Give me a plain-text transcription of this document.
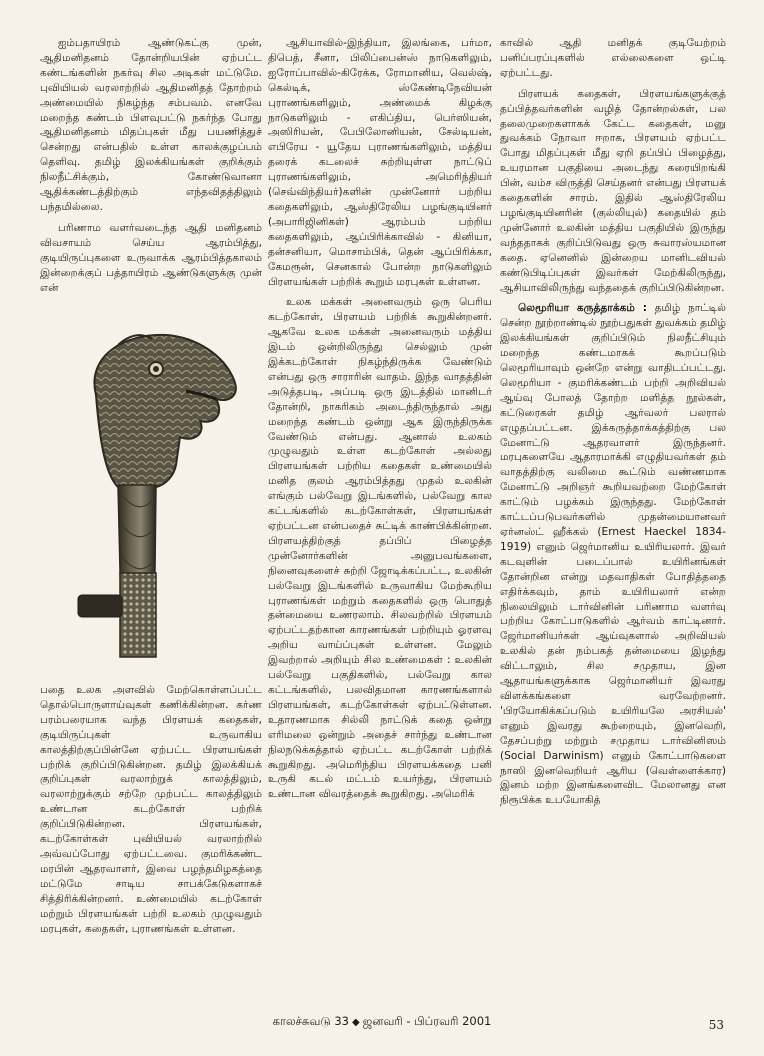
ஐம்பதாயிரம் ஆண்டுகட்கு முன், ஆதிமனிதனம் தோன்றியபின் ஏற்பட்ட கண்டங்களின் நகர்வு சில அடிகள் மட்டுமே. புவியியல் வரலாற்றில் ஆதிமனிதத் தோற்றம் அண்மையில் நிகழ்ந்த சம்பவம். எனவே மறைந்த கண்டம் பிளவுபட்டு நகர்ந்த போது ஆதிமனிதனம் மிதப்புகள் மீது பயணித்துச் சென்றது என்பதில் உள்ள காலக்குழப்பம் தெளிவு. தமிழ் இலக்கியங்கள் குறிக்கும் நிலநீட்சிக்கும், கோண்டுவானா ஆதிக்கண்டத்திற்கும் எந்தவிதத்திலும் பந்தமில்லை.

பரிணாம வளர்வடைந்த ஆதி மனிதனம் விவசாயம் செய்ய ஆரம்பித்து, குடியிருப்புகளை உருவாக்க ஆரம்பித்தகாலம் இன்றைக்குப் பத்தாயிரம் ஆண்டுகளுக்கு முன் என்

பதை உலக அளவில் மேற்கொள்ளப்பட்ட தொல்பொருளாய்வுகள் கணிக்கின்றன. கர்ண பரம்பரையாக வந்த பிரளயக் கதைகள், குடியிருப்புகள் உருவாகிய காலத்திற்குப்பின்னே ஏற்பட்ட பிரளயங்கள் பற்றிக் குறிப்பிடுகின்றன. தமிழ் இலக்கியக் குறிப்புகள் வரலாற்றுக் காலத்திலும், வரலாற்றுக்கும் சற்றே முற்பட்ட காலத்திலும் உண்டான கடற்கோள் பற்றிக் குறிப்பிடுகின்றன. பிரளயங்கள், கடற்கோள்கள் புவியியல் வரலாற்றில் அவ்வப்போது ஏற்பட்டவை. குமரிக்கண்ட மரபின் ஆதரவாளர், இவை பழந்தமிழகத்தை மட்டுமே சாடிய சாபக்கேடுகளாகச் சித்திரிக்கின்றனர். உண்மையில் கடற்கோள் மற்றும் பிரளயங்கள் பற்றி உலகம் முழுவதும் மரபுகள், கதைகள், புராணங்கள் உள்ளன.

ஆசியாவில்-இந்தியா, இலங்கை, பர்மா, திபெத், சீனா, பிலிப்பைன்ஸ் நாடுகளிலும், ஐரோப்பாவில்-கிரேக்க, ரோமானிய, வெல்ஷ், கெல்டிக், ஸ்கேண்டிநேவியன் புராணங்களிலும், அண்மைக் கிழக்கு நாடுகளிலும் - எகிப்திய, பெர்ஸியன், அஸிரியன், பேபிலோனியன், சேல்டியன், எபிரேய - யூதேய புராணங்களிலும், மத்திய தரைக் கடலைச் சுற்றியுள்ள நாட்டுப் புராணங்களிலும், அமெரிந்தியர் (செவ்விந்தியர்)களின் முன்னோர் பற்றிய கதைகளிலும், ஆஸ்திரேலிய பழங்குடியினர் (அபாரிஜினிகள்) ஆரம்பம் பற்றிய கதைகளிலும், ஆப்பிரிக்காவில் - கினியா, தன்சனியா, மொசாம்பிக், தென் ஆப்பிரிக்கா, கேமரூன், செனகால் போன்ற நாடுகளிலும் பிரளயங்கள் பற்றிக் கூறும் மரபுகள் உள்ளன.

உலக மக்கள் அனைவரும் ஒரு பெரிய கடற்கோள், பிரளயம் பற்றிக் கூறுகின்றனர். ஆகவே உலக மக்கள் அனைவரும் மத்திய இடம் ஒன்றிலிருந்து செல்லும் முன் இக்கடற்கோள் நிகழ்ந்திருக்க வேண்டும் என்பது ஒரு சாராரின் வாதம். இந்த வாதத்தின் அடுத்தபடி, அப்படி ஒரு இடத்தில் மானிடர் தோன்றி, நாகரிகம் அடைந்திருந்தால் அது மறைந்த கண்டம் ஒன்று ஆக இருந்திருக்க வேண்டும் என்பது. ஆனால் உலகம் முழுவதும் உள்ள கடற்கோள் அல்லது பிரளயங்கள் பற்றிய கதைகள் உண்மையில் மனித குலம் ஆரம்பித்தது முதல் உலகின் எங்கும் பல்வேறு இடங்களில், பல்வேறு கால கட்டங்களில் கடற்கோள்கள், பிரளயங்கள் ஏற்பட்டன என்பதைச் சுட்டிக் காண்பிக்கின்றன. பிரளயத்திற்குத் தப்பிப் பிழைத்த முன்னோர்களின் அனுபவங்களை, நினைவுகளைச் சுற்றி ஜோடிக்கப்பட்ட, உலகின் பல்வேறு இடங்களில் உருவாகிய மேற்கூறிய புராணங்கள் மற்றும் கதைகளில் ஒரு பொதுத் தன்மையை உணரலாம். சிலவற்றில் பிரளயம் ஏற்பட்டதற்கான காரணங்கள் பற்றியும் ஓரளவு அறிய வாய்ப்புகள் உள்ளன. மேலும் இவற்றால் அறியும் சில உண்மைகள் : உலகின் பல்வேறு பகுதிகளில், பல்வேறு கால கட்டங்களில், பலவிதமான காரணங்களால் பிரளயங்கள், கடற்கோள்கள் ஏற்பட்டுள்ளன. உதாரணமாக சில்லி நாட்டுக் கதை ஒன்று எரிமலை ஒன்றும் அதைச் சார்ந்து உண்டான நிலநடுக்கத்தால் ஏற்பட்ட கடற்கோள் பற்றிக் கூறுகிறது. அமெரிந்திய பிரளயக்கதை பனி உருகி கடல் மட்டம் உயர்ந்து, பிரளயம் உண்டான விவரத்தைக் கூறுகிறது. அமெரிக்

காவில் ஆதி மனிதக் குடியேற்றம் பனிப்பரப்புகளில் எல்லைகளை ஒட்டி ஏற்பட்டது.

பிரளயக் கதைகள், பிரளயங்களுக்குத் தப்பித்தவர்களின் வழித் தோன்றல்கள், பல தலைமுறைகளாகக் கேட்ட கதைகள், மனு துவக்கம் நோவா ஈறாக, பிரளயம் ஏற்பட்ட போது மிதப்புகள் மீது ஏறி தப்பிப் பிழைத்து, உயரமான பகுதியை அடைந்து கரையிறங்கி பின், வம்ச விருத்தி செய்தனர் என்பது பிரளயக் கதைகளின் சாரம். இதில் ஆஸ்திரேலிய பழங்குடியினரின் (குல்லியுல்) கதையில் தம் முன்னோர் உலகின் மத்திய பகுதியில் இருந்து வந்ததாகக் குறிப்பிடுவது ஒரு சுவாரஸ்யமான கதை. ஏனெனில் இன்றைய மானிடவியல் கண்டுபிடிப்புகள் இவர்கள் மேற்கிலிருந்து, ஆசியாவிலிருந்து வந்ததைக் குறிப்பிடுகின்றன.

லெமூரியா கருத்தாக்கம் : தமிழ் நாட்டில் சென்ற நூற்றாண்டில் நூற்பதுகள் துவக்கம் தமிழ் இலக்கியங்கள் குறிப்பிடும் நிலநீட்சியும் மறைந்த கண்டமாகக் கூறப்படும் லெமூரியாவும் ஒன்றே என்று வாதிடப்பட்டது. லெமூரியா - குமரிக்கண்டம் பற்றி அறிவியல் ஆய்வு போலத் தோற்ற மளித்த நூல்கள், கட்டுரைகள் தமிழ் ஆர்வலர் பலரால் எழுதப்பட்டன. இக்கருத்தாக்கத்திற்கு பல மேனாட்டு ஆதரவாளர் இருந்தனர். மரபுகளையே ஆதாரமாக்கி எழுதியவர்கள் தம் வாதத்திற்கு வலிமை கூட்டும் வண்ணமாக மேனாட்டு அறிஞர் கூறியவற்றை மேற்கோள் காட்டும் பழக்கம் இருந்தது. மேற்கோள் காட்டப்படுபவர்களில் முதன்மையானவர் ஏர்னஸ்ட் ஹீக்கல் (Ernest Haeckel 1834-1919) எனும் ஜெர்மானிய உயிரியலார். இவர் கடவுளின் படைப்பால் உயிரினங்கள் தோன்றின என்று மதவாதிகள் போதித்ததை எதிர்க்கவும், தாம் உயிரியலார் என்ற நிலையிலும் டார்வினின் பரிணாம வளர்வு பற்றிய கோட்பாடுகளில் ஆர்வம் காட்டினார். ஜேர்மானியர்கள் ஆய்வுகளால் அறிவியல் உலகில் தன் நம்பகத் தன்மையை இழந்து விட்டாலும், சில சமுதாய, இன ஆதாயங்களுக்காக ஜெர்மானியர் இவரது விளக்கங்களை வரவேற்றனர். 'பிரயோகிக்கப்படும் உயிரியலே அரசியல்' எனும் இவரது கூற்றையும், இனவெறி, தேசப்பற்று மற்றும் சமுதாய டார்வினிஸம் (Social Darwinism) எனும் கோட்பாடுகளை நாஸி இனவெறியர் ஆரிய (வெள்ளைக்கார) இனம் மற்ற இனங்களைவிட மேலானது என நிரூபிக்க உபயோகித்

காலச்சுவடு 33 ◆ ஜனவரி - பிப்ரவரி 2001	53
